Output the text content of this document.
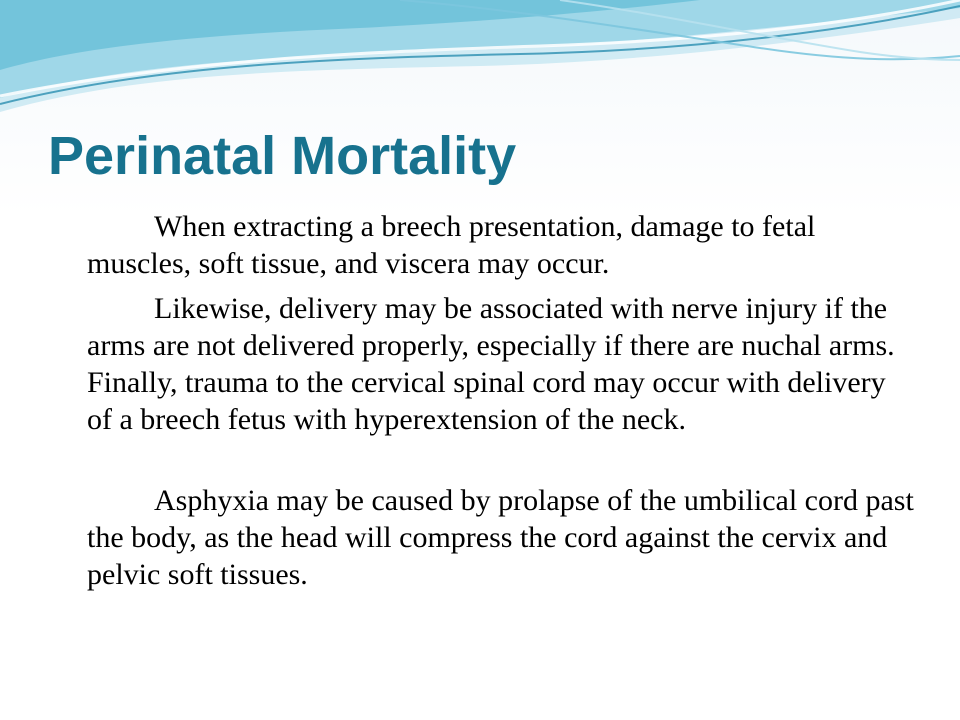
Perinatal Mortality

When extracting a breech presentation, damage to fetal muscles, soft tissue, and viscera may occur.

Likewise, delivery may be associated with nerve injury if the arms are not delivered properly, especially if there are nuchal arms. Finally, trauma to the cervical spinal cord may occur with delivery of a breech fetus with hyperextension of the neck.

Asphyxia may be caused by prolapse of the umbilical cord past the body, as the head will compress the cord against the cervix and pelvic soft tissues.
